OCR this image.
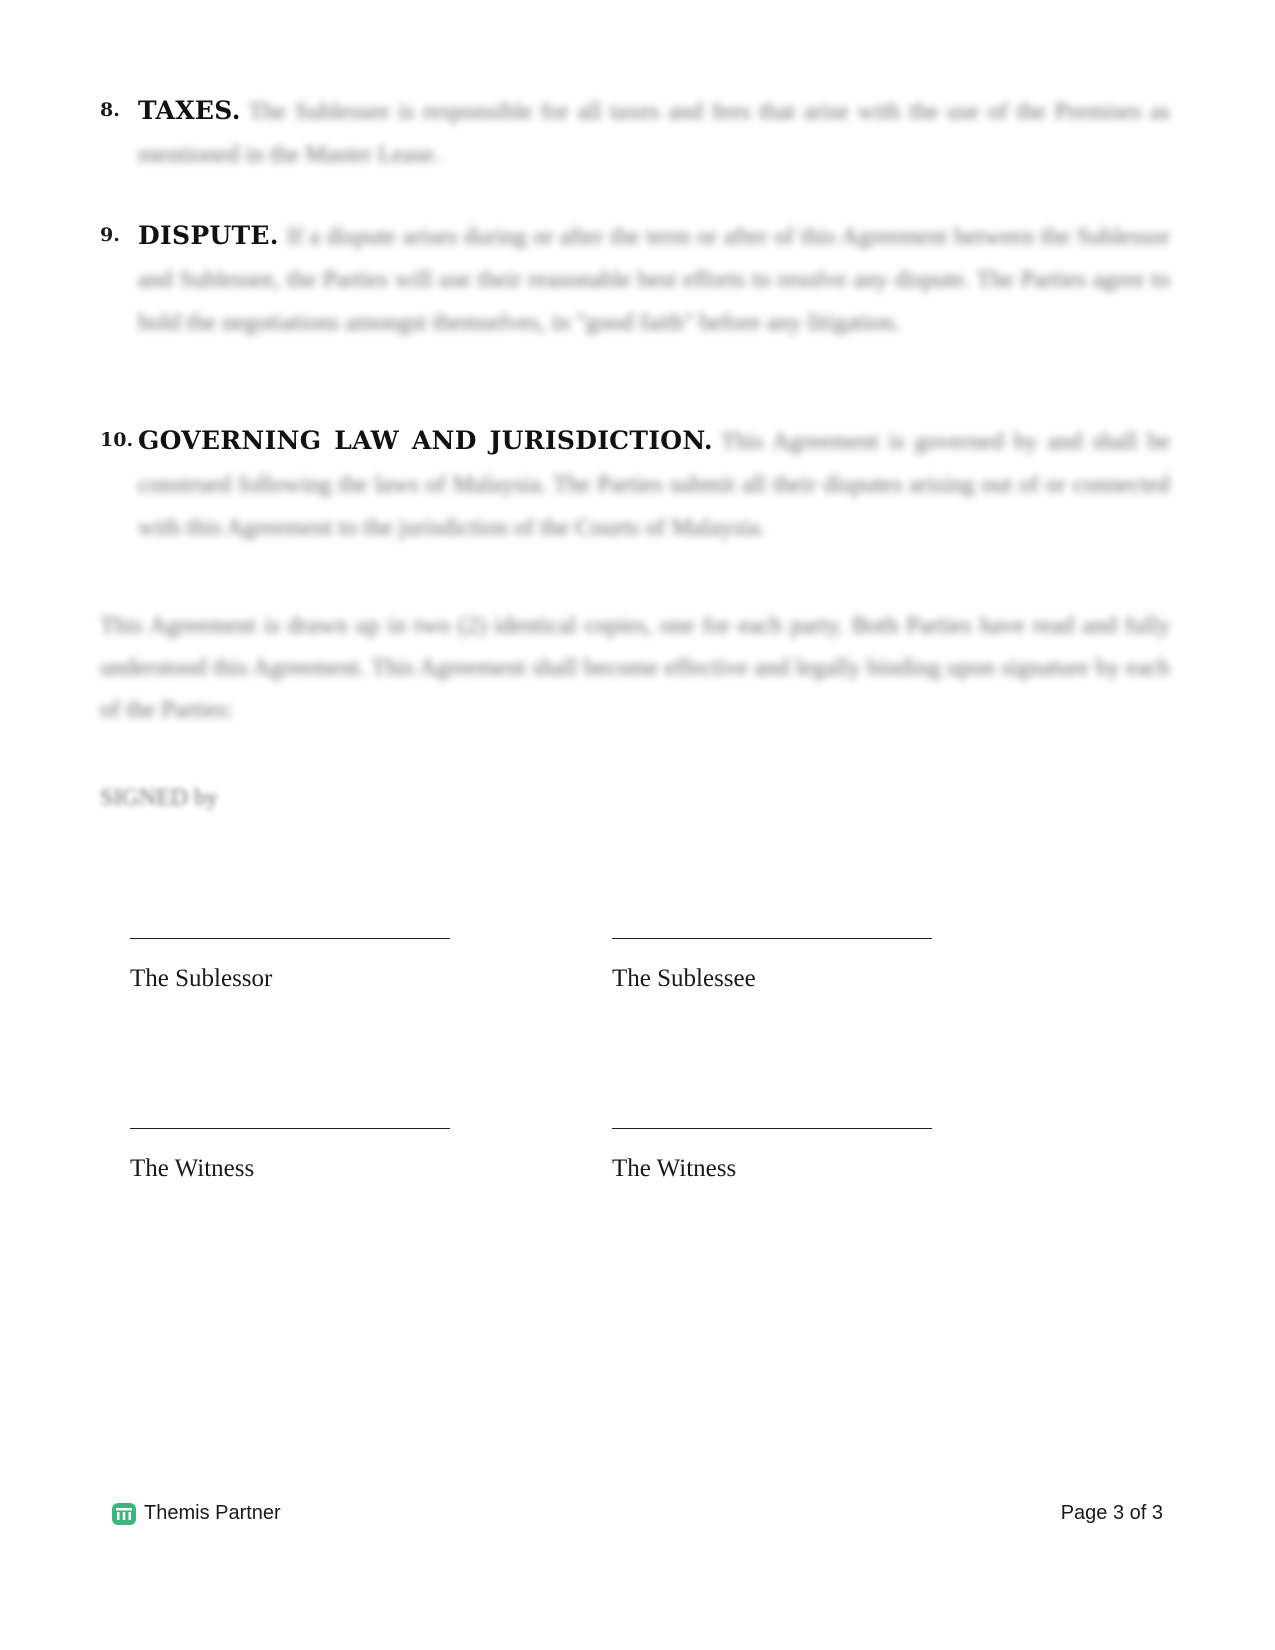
8. TAXES. The Sublessee is responsible for all taxes and fees that arise with the use of the Premises as mentioned in the Master Lease.
9. DISPUTE. If a dispute arises during or after the term or after of this Agreement between the Sublessor and Sublessee, the Parties will use their reasonable best efforts to resolve any dispute. The Parties agree to hold the negotiations amongst themselves, in "good faith" before any litigation.
10. GOVERNING LAW AND JURISDICTION. This Agreement is governed by and shall be construed following the laws of Malaysia. The Parties submit all their disputes arising out of or connected with this Agreement to the jurisdiction of the Courts of Malaysia.
This Agreement is drawn up in two (2) identical copies, one for each party. Both Parties have read and fully understood this Agreement. This Agreement shall become effective and legally binding upon signature by each of the Parties:
SIGNED by
The Sublessor	The Sublessee
The Witness	The Witness
Themis Partner	Page 3 of 3
